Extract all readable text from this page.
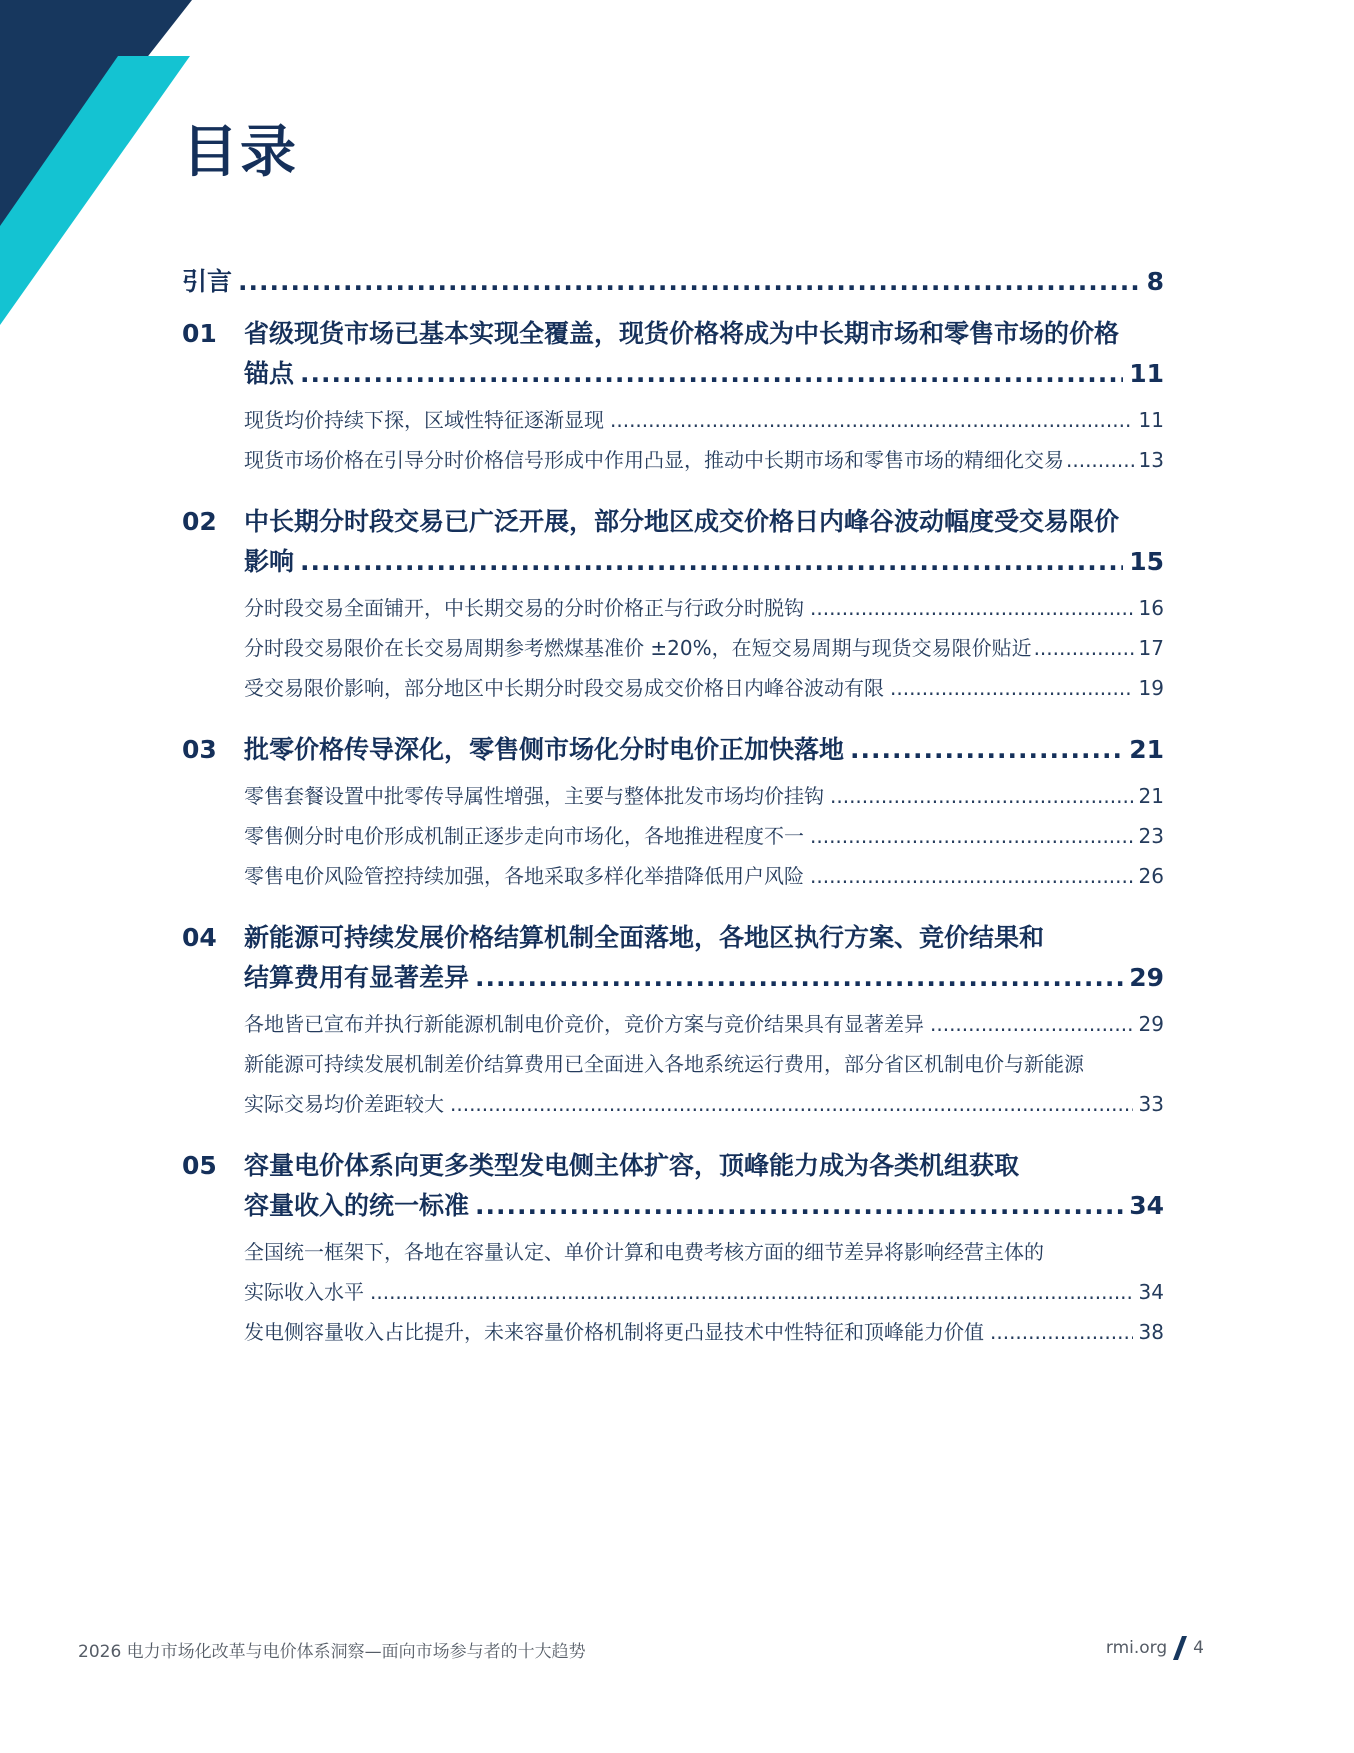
目录
引言 .....	8
01	省级现货市场已基本实现全覆盖，现货价格将成为中长期市场和零售市场的价格
锚点 .....	11
现货均价持续下探，区域性特征逐渐显现 .....	11
现货市场价格在引导分时价格信号形成中作用凸显，推动中长期市场和零售市场的精细化交易 .....	13
02	中长期分时段交易已广泛开展，部分地区成交价格日内峰谷波动幅度受交易限价
影响 .....	15
分时段交易全面铺开，中长期交易的分时价格正与行政分时脱钩 .....	16
分时段交易限价在长交易周期参考燃煤基准价 ±20%，在短交易周期与现货交易限价贴近 .....	17
受交易限价影响，部分地区中长期分时段交易成交价格日内峰谷波动有限 .....	19
03	批零价格传导深化，零售侧市场化分时电价正加快落地 .....	21
零售套餐设置中批零传导属性增强，主要与整体批发市场均价挂钩 .....	21
零售侧分时电价形成机制正逐步走向市场化，各地推进程度不一 .....	23
零售电价风险管控持续加强，各地采取多样化举措降低用户风险 .....	26
04	新能源可持续发展价格结算机制全面落地，各地区执行方案、竞价结果和
结算费用有显著差异 .....	29
各地皆已宣布并执行新能源机制电价竞价，竞价方案与竞价结果具有显著差异 .....	29
新能源可持续发展机制差价结算费用已全面进入各地系统运行费用，部分省区机制电价与新能源
实际交易均价差距较大 .....	33
05	容量电价体系向更多类型发电侧主体扩容，顶峰能力成为各类机组获取
容量收入的统一标准 .....	34
全国统一框架下，各地在容量认定、单价计算和电费考核方面的细节差异将影响经营主体的
实际收入水平 .....	34
发电侧容量收入占比提升，未来容量价格机制将更凸显技术中性特征和顶峰能力价值 .....	38
2026 电力市场化改革与电价体系洞察—面向市场参与者的十大趋势	rmi.org 4
